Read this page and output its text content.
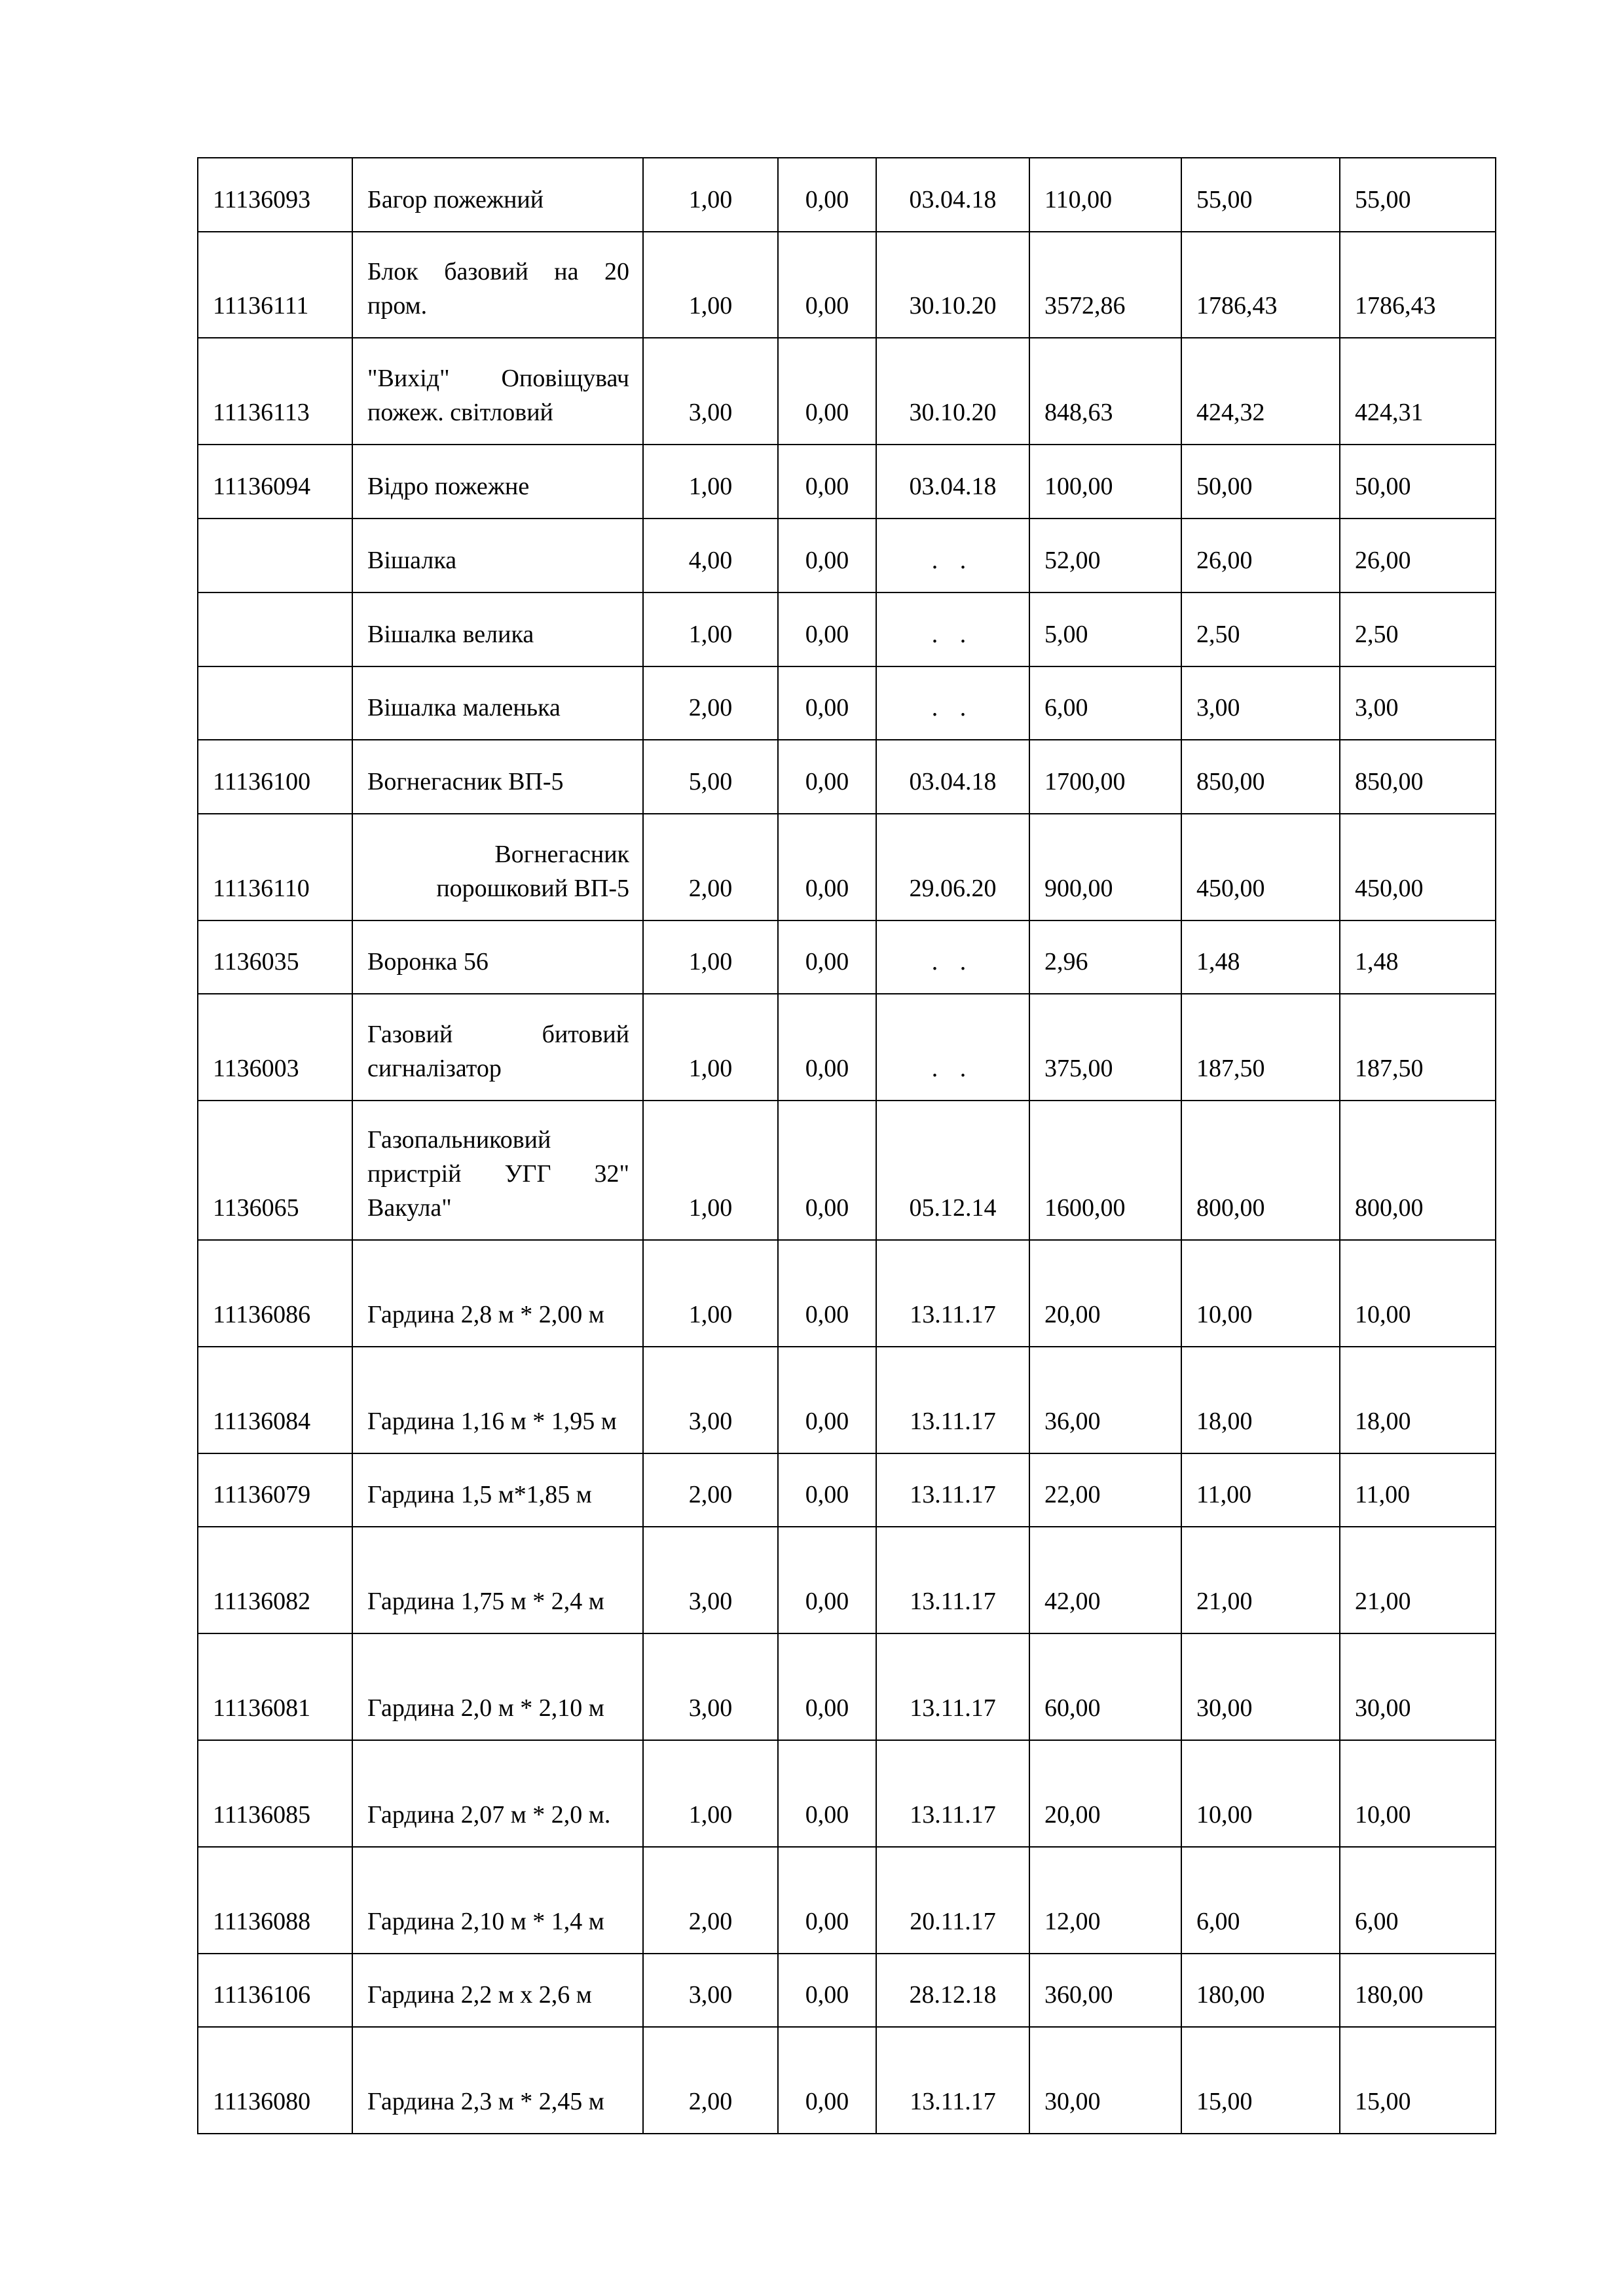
11136093	Багор пожежний	1,00	0,00	03.04.18	110,00	55,00	55,00
11136111	Блок базовий на 20 пром.	1,00	0,00	30.10.20	3572,86	1786,43	1786,43
11136113	"Вихід" Оповіщувач пожеж. світловий	3,00	0,00	30.10.20	848,63	424,32	424,31
11136094	Відро пожежне	1,00	0,00	03.04.18	100,00	50,00	50,00
	Вішалка	4,00	0,00	. .	52,00	26,00	26,00
	Вішалка велика	1,00	0,00	. .	5,00	2,50	2,50
	Вішалка маленька	2,00	0,00	. .	6,00	3,00	3,00
11136100	Вогнегасник ВП-5	5,00	0,00	03.04.18	1700,00	850,00	850,00
11136110	Вогнегасник порошковий ВП-5	2,00	0,00	29.06.20	900,00	450,00	450,00
1136035	Воронка 56	1,00	0,00	. .	2,96	1,48	1,48
1136003	Газовий битовий сигналізатор	1,00	0,00	. .	375,00	187,50	187,50
1136065	Газопальниковий пристрій УГГ 32" Вакула"	1,00	0,00	05.12.14	1600,00	800,00	800,00
11136086	Гардина 2,8 м * 2,00 м	1,00	0,00	13.11.17	20,00	10,00	10,00
11136084	Гардина 1,16 м * 1,95 м	3,00	0,00	13.11.17	36,00	18,00	18,00
11136079	Гардина 1,5 м*1,85 м	2,00	0,00	13.11.17	22,00	11,00	11,00
11136082	Гардина 1,75 м * 2,4 м	3,00	0,00	13.11.17	42,00	21,00	21,00
11136081	Гардина 2,0 м * 2,10 м	3,00	0,00	13.11.17	60,00	30,00	30,00
11136085	Гардина 2,07 м * 2,0 м.	1,00	0,00	13.11.17	20,00	10,00	10,00
11136088	Гардина 2,10 м * 1,4 м	2,00	0,00	20.11.17	12,00	6,00	6,00
11136106	Гардина 2,2 м х 2,6 м	3,00	0,00	28.12.18	360,00	180,00	180,00
11136080	Гардина 2,3 м * 2,45 м	2,00	0,00	13.11.17	30,00	15,00	15,00
